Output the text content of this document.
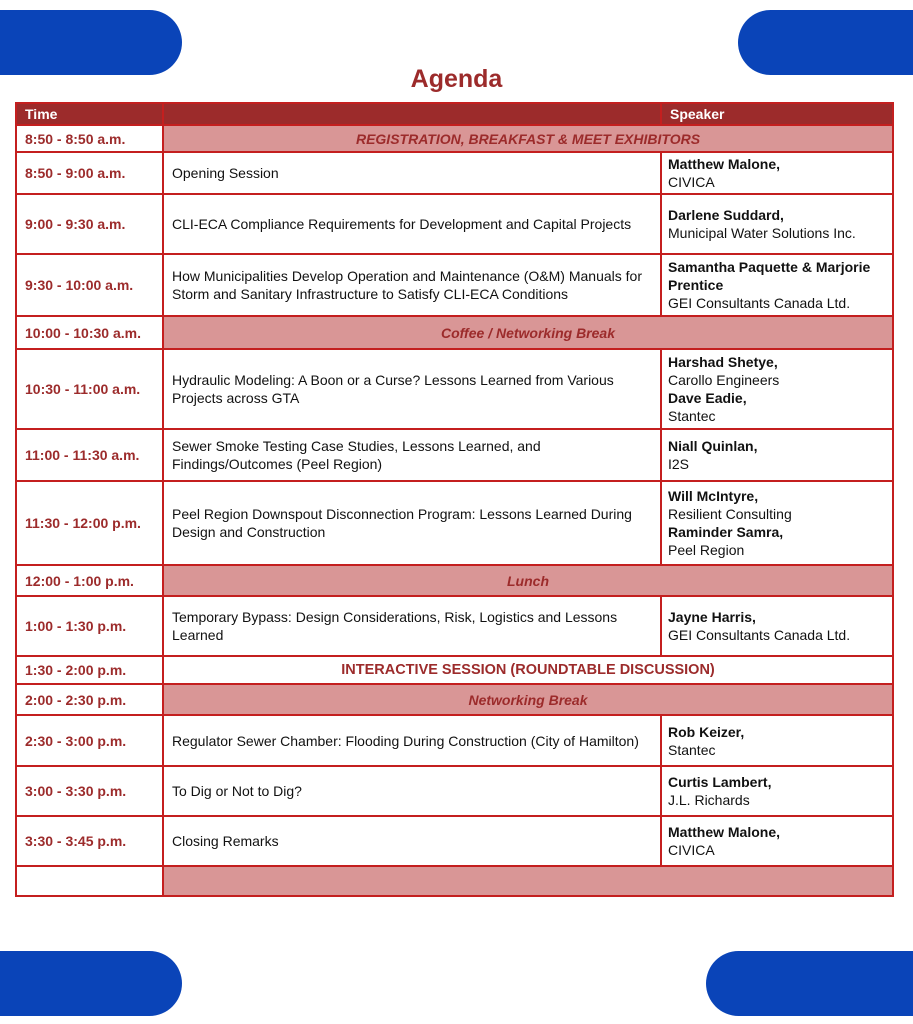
Agenda
Time		Speaker
8:50 - 8:50 a.m.	REGISTRATION, BREAKFAST & MEET EXHIBITORS	
8:50 - 9:00 a.m.	Opening Session	Matthew Malone,
CIVICA

9:00 - 9:30 a.m.	CLI-ECA Compliance Requirements for Development and Capital Projects	Darlene Suddard,
Municipal Water Solutions Inc.

9:30 - 10:00 a.m.	How Municipalities Develop Operation and Maintenance (O&M) Manuals for Storm and Sanitary Infrastructure to Satisfy CLI-ECA Conditions	Samantha Paquette & Marjorie Prentice
GEI Consultants Canada Ltd.

10:00 - 10:30 a.m.	Coffee / Networking Break	
10:30 - 11:00 a.m.	Hydraulic Modeling: A Boon or a Curse? Lessons Learned from Various Projects across GTA	Harshad Shetye,
Carollo Engineers
Dave Eadie,
Stantec

11:00 - 11:30 a.m.	Sewer Smoke Testing Case Studies, Lessons Learned, and Findings/Outcomes (Peel Region)	Niall Quinlan,
I2S

11:30 - 12:00 p.m.	Peel Region Downspout Disconnection Program: Lessons Learned During Design and Construction	Will McIntyre,
Resilient Consulting
Raminder Samra,
Peel Region

12:00 - 1:00 p.m.	Lunch	
1:00 - 1:30 p.m.	Temporary Bypass: Design Considerations, Risk, Logistics and Lessons Learned	Jayne Harris,
GEI Consultants Canada Ltd.

1:30 - 2:00 p.m.	INTERACTIVE SESSION (ROUNDTABLE DISCUSSION)	
2:00 - 2:30 p.m.	Networking Break	
2:30 - 3:00 p.m.	Regulator Sewer Chamber: Flooding During Construction (City of Hamilton)	Rob Keizer,
Stantec

3:00 - 3:30 p.m.	To Dig or Not to Dig?	Curtis Lambert,
J.L. Richards

3:30 - 3:45 p.m.	Closing Remarks	Matthew Malone,
CIVICA
